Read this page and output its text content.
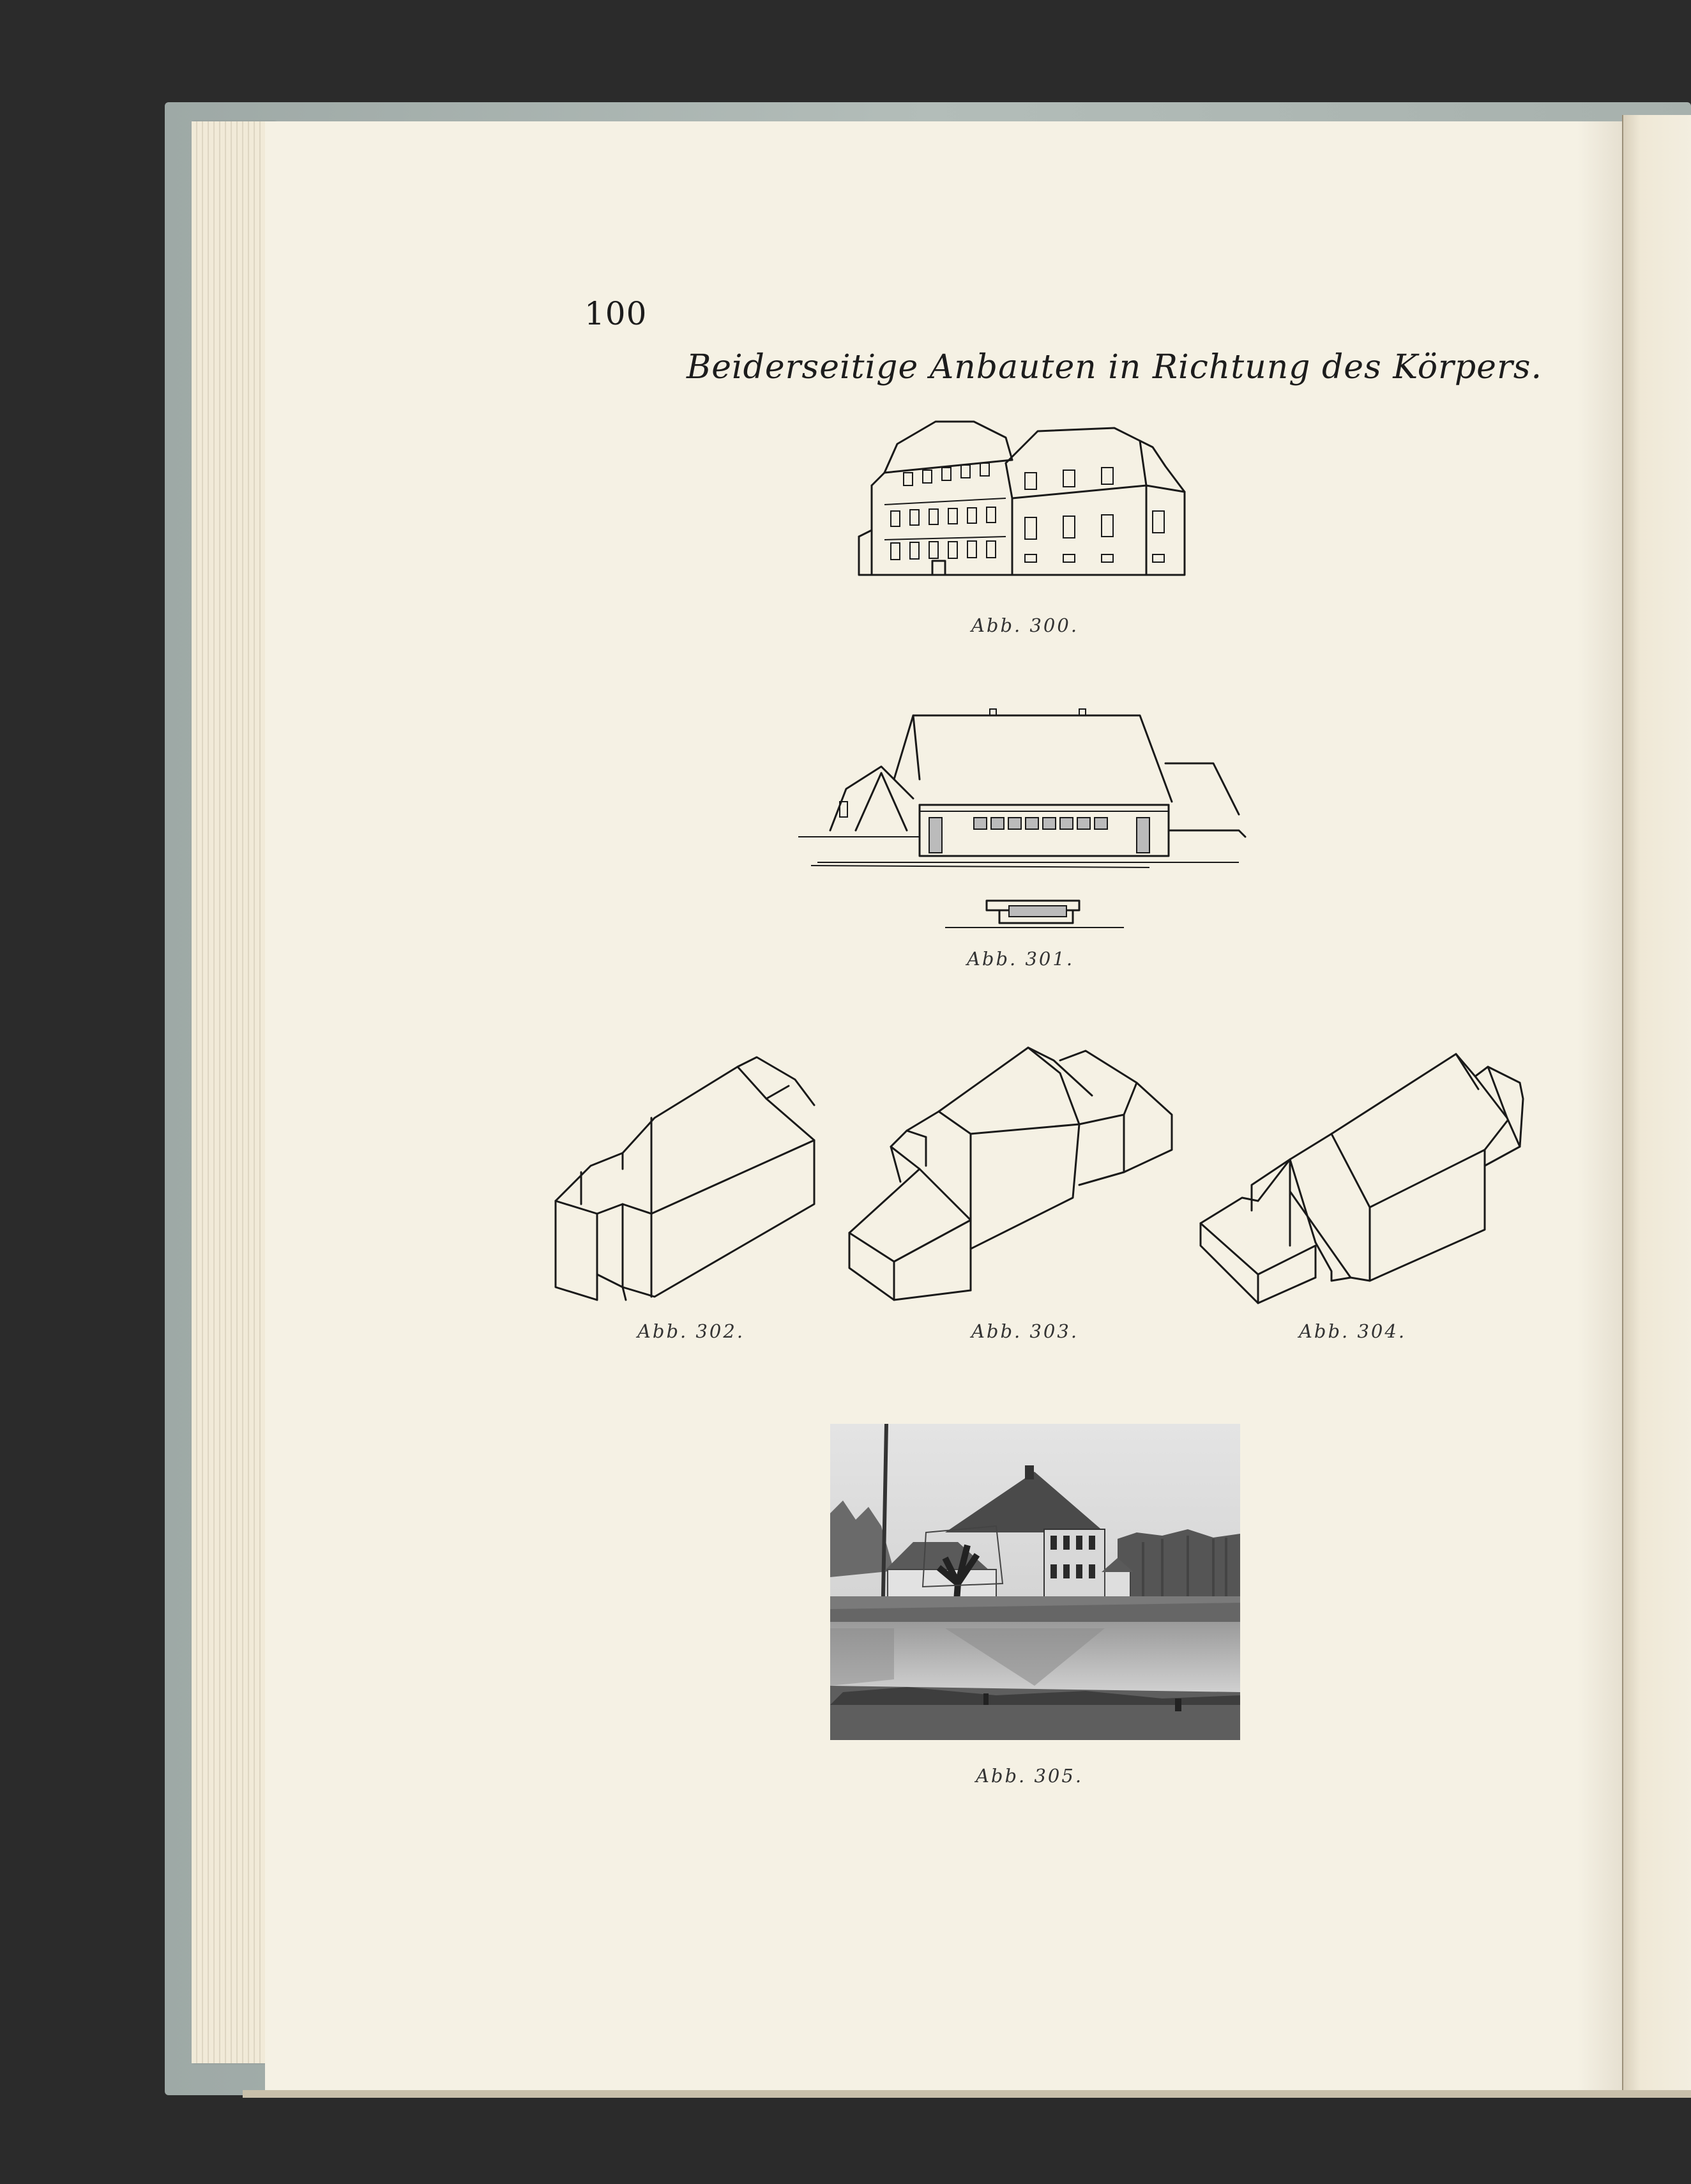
100
Beiderseitige Anbauten in Richtung des Körpers.
Abb. 300.
Abb. 301.
Abb. 302.	Abb. 303.	Abb. 304.
Abb. 305.
